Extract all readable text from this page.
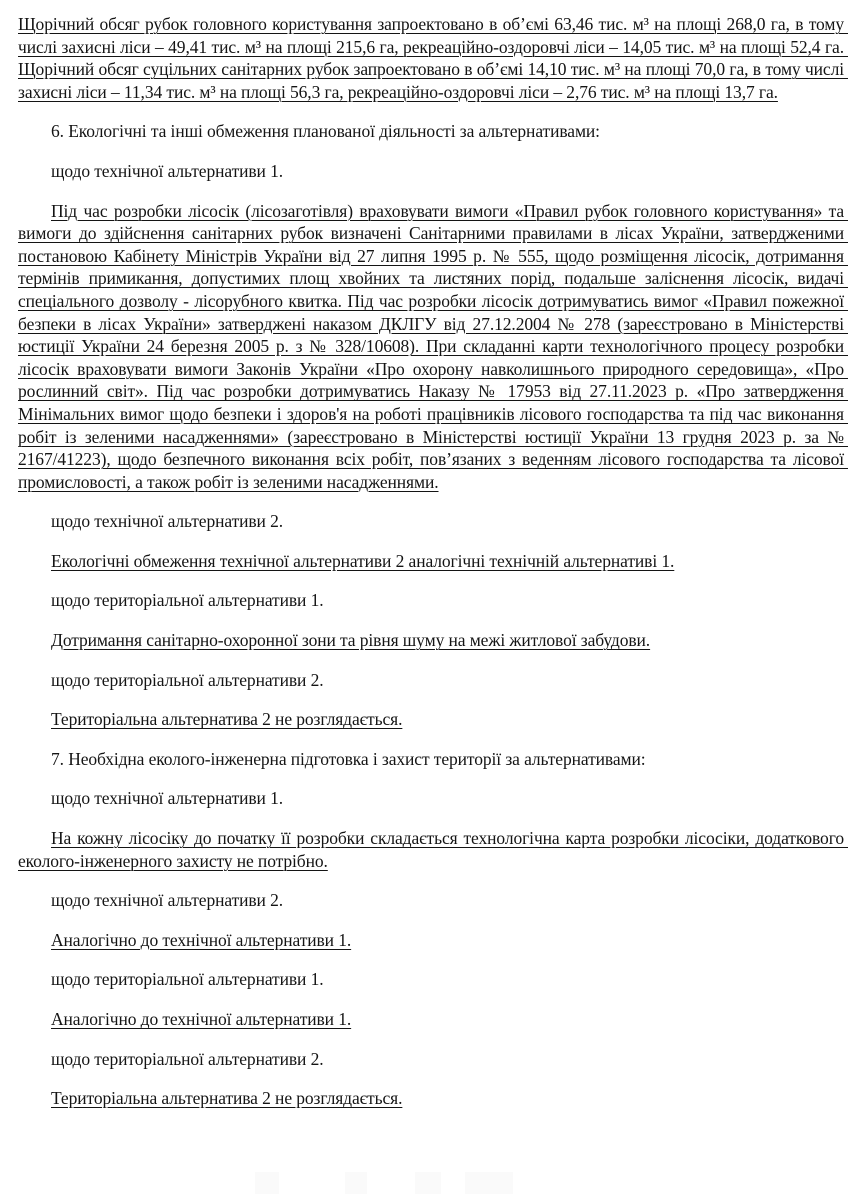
Щорічний обсяг рубок головного користування запроектовано в об’ємі 63,46 тис. м³ на площі 268,0 га, в тому числі захисні ліси – 49,41 тис. м³ на площі 215,6 га, рекреаційно-оздоровчі ліси – 14,05 тис. м³ на площі 52,4 га. Щорічний обсяг суцільних санітарних рубок запроектовано в об’ємі 14,10 тис. м³ на площі 70,0 га, в тому числі захисні ліси – 11,34 тис. м³ на площі 56,3 га, рекреаційно-оздоровчі ліси – 2,76 тис. м³ на площі 13,7 га.

6. Екологічні та інші обмеження планованої діяльності за альтернативами:

щодо технічної альтернативи 1.

Під час розробки лісосік (лісозаготівля) враховувати вимоги «Правил рубок головного користування» та вимоги до здійснення санітарних рубок визначені Санітарними правилами в лісах України, затвердженими постановою Кабінету Міністрів України від 27 липня 1995 р. № 555, щодо розміщення лісосік, дотримання термінів примикання, допустимих площ хвойних та листяних порід, подальше заліснення лісосік, видачі спеціального дозволу - лісорубного квитка. Під час розробки лісосік дотримуватись вимог «Правил пожежної безпеки в лісах України» затверджені наказом ДКЛГУ від 27.12.2004 № 278 (зареєстровано в Міністерстві юстиції України 24 березня 2005 р. з № 328/10608). При складанні карти технологічного процесу розробки лісосік враховувати вимоги Законів України «Про охорону навколишнього природного середовища», «Про рослинний світ». Під час розробки дотримуватись Наказу № 17953 від 27.11.2023 р. «Про затвердження Мінімальних вимог щодо безпеки і здоров'я на роботі працівників лісового господарства та під час виконання робіт із зеленими насадженнями» (зареєстровано в Міністерстві юстиції України 13 грудня 2023 р. за № 2167/41223), щодо безпечного виконання всіх робіт, пов’язаних з веденням лісового господарства та лісової промисловості, а також робіт із зеленими насадженнями.

щодо технічної альтернативи 2.

Екологічні обмеження технічної альтернативи 2 аналогічні технічній альтернативі 1.

щодо територіальної альтернативи 1.

Дотримання санітарно-охоронної зони та рівня шуму на межі житлової забудови.

щодо територіальної альтернативи 2.

Територіальна альтернатива 2 не розглядається.

7. Необхідна еколого-інженерна підготовка і захист території за альтернативами:

щодо технічної альтернативи 1.

На кожну лісосіку до початку її розробки складається технологічна карта розробки лісосіки, додаткового еколого-інженерного захисту не потрібно.

щодо технічної альтернативи 2.

Аналогічно до технічної альтернативи 1.

щодо територіальної альтернативи 1.

Аналогічно до технічної альтернативи 1.

щодо територіальної альтернативи 2.

Територіальна альтернатива 2 не розглядається.
